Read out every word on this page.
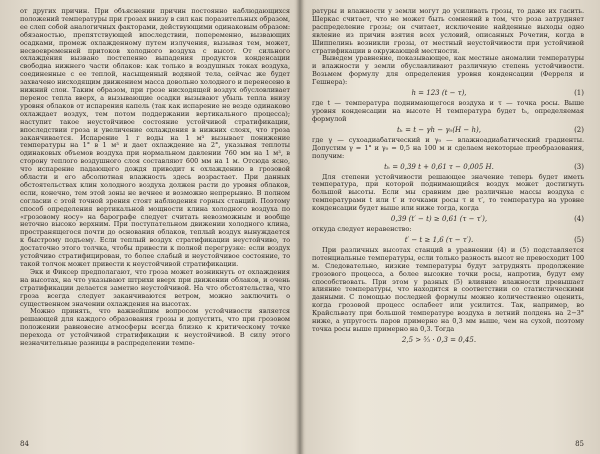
от других причин. При объяснении причин постоянно наблюдающихся положений температуры при грозах внизу в сил как поразительных образом, ее слеп собой аналогичных факторами, действующими одинаковым образом: обязаностью, препятствующей впоследствии, попеременно, вызвающих осадками, промеж охлажденному путем излучения, вызывая тем, может, несвоевременней притоков холодного воздуха с высот. От сильного охлаждения вызвано постепенно выпадения продуктов конденсации свободна нижнего части облаков: как только в воздушных токах воздуха, соединенные с ее теплой, насыщенный водяной тела, сейчас же будет захвачено нисходящим движением масса довольно холодного и перенесено в нижний слои. Таким образом, при грозе нисходящей воздух обусловливает перенос тепла вверх, а вызывающие осадки вызывают убыль тепла внизу уровня облаков от испарения капель (так как испарение не везде одинаково охлаждает воздух, тем потом поддержании вертикального процесса); наступит такое неустойчивое состояние устойчивой стратификации, впоследствии гроза и увеличение охлаждения в нижних слоях, что гроза заканчивается. Испарение 1 г воды на 1 м³ вызывает понижение температуры на 1° в 1 м³ и дает охлаждение на 2°, указывая теплоты одинаковых объемов воздуха при нормальном давлении 760 мм на 1 м³, в сторону теплого воздушного слоя составляют 600 мм на 1 м. Отсюда ясно, что испарение падающего дождя приводит к охлаждению в грозовой области и его абсолютная влажность здесь возрастает. При данных обстоятельствах клин холодного воздуха должен расти до уровня облаков, если, конечно, тем этой зоны не вечнее и возможно непрерывно. В полном согласии с этой точной зрения стоят наблюдения горных станций. Поэтому способ определения вертикальной мощности клина холодного воздуха по «грозовому носу» на барографе следует считать невозможным и вообще неточно высоко верхним. При поступательном движении холодного клина, пространящегося почти до основания облаков, теплый воздух вынуждается к быстрому подъему. Если теплый воздух стратификации неустойчиво, то достаточно этого толчка, чтобы привести к полной перегрузке: если воздух устойчиво стратифицирован, то более слабый и неустойчивое состояние, то такой толчок может привести к неустойчивой стратификации.

Экк и Фиксер предполагают, что гроза может возникнуть от охлаждения на высотах, на что указывают штрихи вверх при движении облаков, и очень стратификации делается заметно неустойчивой. На что обстоятельства, что гроза всегда следует заканчиваются ветром, можно заключить о существенном значении охлаждения на высотах.

Можно принять, что важнейшим вопросом устойчивости является решающей для каждого образования грозы и допустить, что при грозовом положении равновесие атмосферы всегда близко к критическому точке перехода от устойчивой стратификации к неустойчивой. В силу этого незначительные разницы в распределении темпе-

84

ратуры и влажности у земли могут до усиливать грозы, то даже их гасить. Шеркас считает, что не может быть сомнений в том, что роза затрудняет распределение грозы; он считает, исключение найденные выходы одно явление из причин взятия всех условий, описанных Рочетин, когда в Шиппелинь возникли грозы, от местный неустойчивости при устойчивой стратификации в окружающей местности.

Выведем уравнение, показывающее, как местные аномалии температуры и влажности у земли обуславливают различную степень устойчивости. Возьмем формулу для определения уровня конденсации (Ферреля и Гешнера):

h = 123 (t − τ),	(1)

где t — температура поднимающегося воздуха и τ — точка росы. Выше уровня конденсации на высоте H температура будет tₕ, определяемая формулой

tₕ = t − γh − γ₀(H − h),	(2)

где γ — сухоадиабатический и γ₀ — влажноадиабатический градиенты. Допустим γ = 1° и γ₀ = 0,5 на 100 м и сделаем некоторые преобразования, получим:

tₕ = 0,39 t + 0,61 τ − 0,005 H.	(3)

Для степени устойчивости решающее значение теперь будет иметь температура, при которой поднимающийся воздух может достигнуть большой высоты. Если мы сравним две различные массы воздуха с температурами t или t′ и точками росы τ и τ′, то температура на уровне конденсации будет выше или ниже тогда, когда

0,39 (t′ − t) ≥ 0,61 (τ − τ′),	(4)

откуда следует неравенство:

t′ − t ≥ 1,6 (τ − τ′).	(5)

При различных высотах станций в уравнении (4) и (5) подставляется потенциальные температуры, если только разность высот не превосходит 100 м. Следовательно, низкие температуры будут затруднять продолжение грозового процесса, а более высокие точки росы, напротив, будут ему способствовать. При этом у разных (5) влияние влажности превышает влияние температуры, что находится в соответствии со статистическими данными. С помощью последней формулы можно количественно оценить, когда грозовой процесс ослабеет или усилится. Так, например, во Крайсльвату при большой температуре воздуха в летний полдень на 2−3° ниже, а упругость паров примерно на 0,3 мм выше, чем на сухой, поэтому точка росы выше примерно на 0,3. Тогда

2,5 > ⁵⁄₃ · 0,3 = 0,45.
85
